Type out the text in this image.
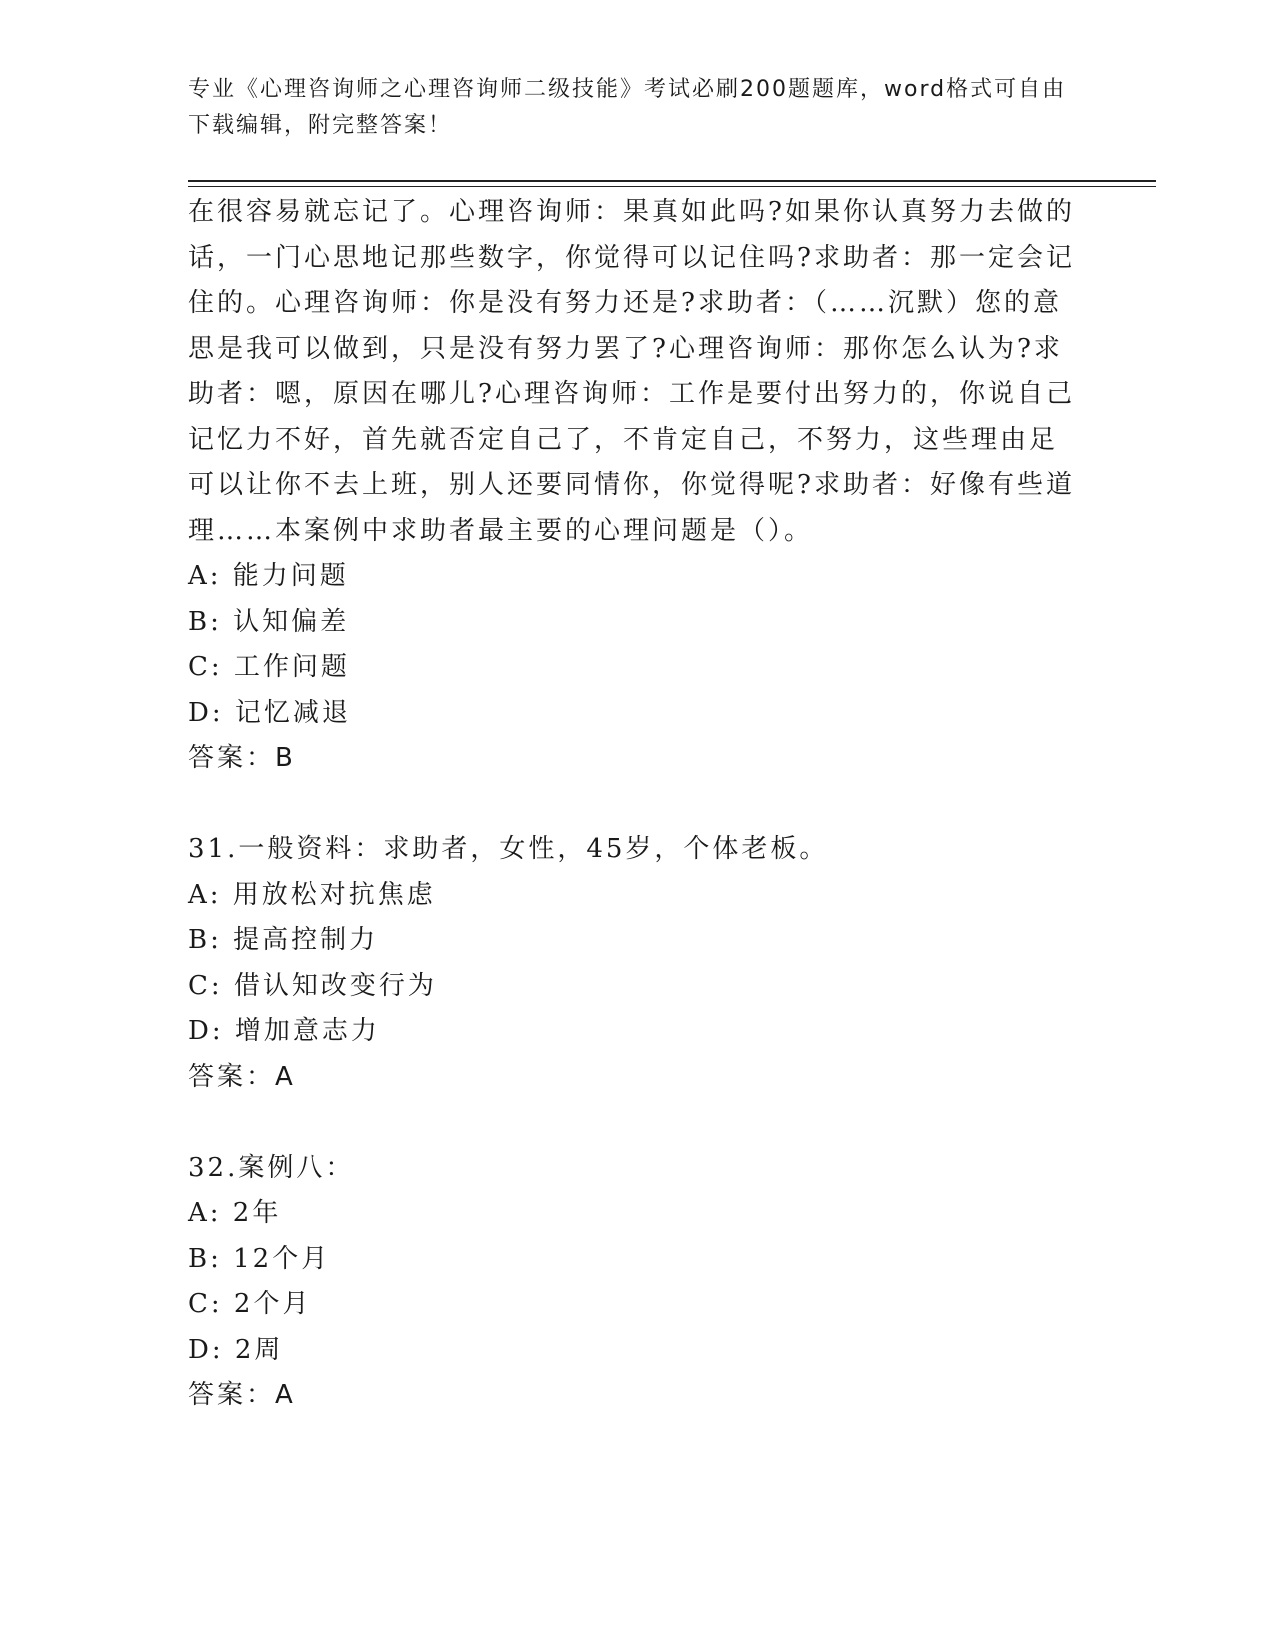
专业《心理咨询师之心理咨询师二级技能》考试必刷200题题库，word格式可自由下载编辑，附完整答案！

在很容易就忘记了。心理咨询师：果真如此吗?如果你认真努力去做的话，一门心思地记那些数字，你觉得可以记住吗?求助者：那一定会记住的。心理咨询师：你是没有努力还是?求助者：（……沉默）您的意思是我可以做到，只是没有努力罢了?心理咨询师：那你怎么认为?求助者：嗯，原因在哪儿?心理咨询师：工作是要付出努力的，你说自己记忆力不好，首先就否定自己了，不肯定自己，不努力，这些理由足可以让你不去上班，别人还要同情你，你觉得呢?求助者：好像有些道理……本案例中求助者最主要的心理问题是（）。

A: 能力问题

B: 认知偏差

C: 工作问题

D: 记忆减退

答案：B

31.一般资料：求助者，女性，45岁，个体老板。

A: 用放松对抗焦虑

B: 提高控制力

C: 借认知改变行为

D: 增加意志力

答案：A

32.案例八：

A: 2年

B: 12个月

C: 2个月

D: 2周

答案：A
